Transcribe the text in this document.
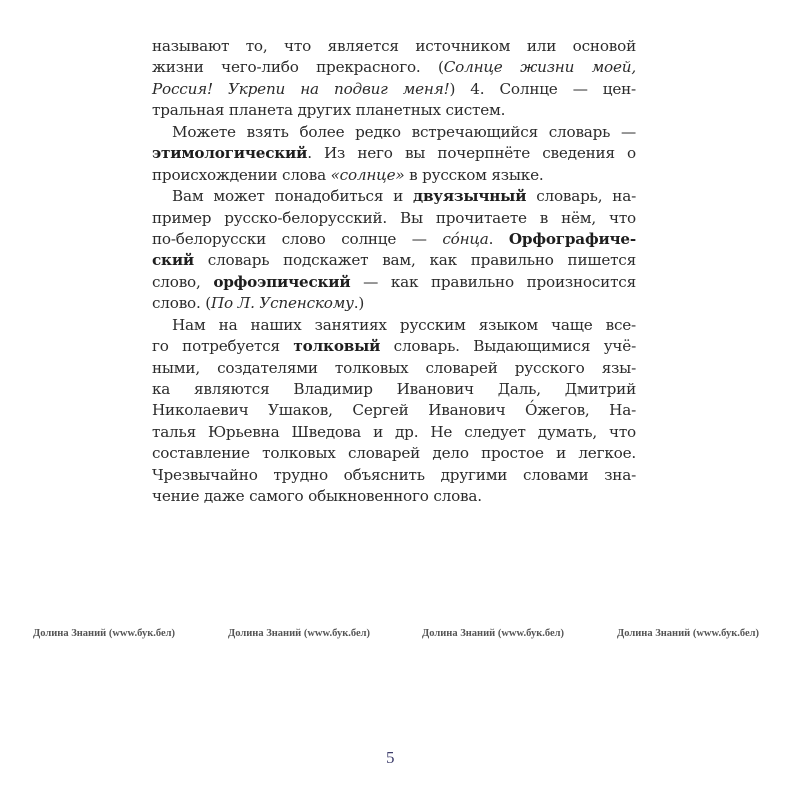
называют то, что является источником или основой
жизни чего-либо прекрасного. (Солнце жизни моей,
Россия! Укрепи на подвиг меня!) 4. Солнце — цен-
тральная планета других планетных систем.
Можете взять более редко встречающийся словарь —
этимологический. Из него вы почерпнёте сведения о
происхождении слова «солнце» в русском языке.
Вам может понадобиться и двуязычный словарь, на-
пример русско-белорусский. Вы прочитаете в нём, что
по-белорусски слово солнце — со́нца. Орфографиче-
ский словарь подскажет вам, как правильно пишется
слово, орфоэпический — как правильно произносится
слово. (По Л. Успенскому.)
Нам на наших занятиях русским языком чаще все-
го потребуется толковый словарь. Выдающимися учё-
ными, создателями толковых словарей русского язы-
ка являются Владимир Иванович Даль, Дмитрий
Николаевич Ушаков, Сергей Иванович О́жегов, На-
талья Юрьевна Шведова и др. Не следует думать, что
составление толковых словарей дело простое и легкое.
Чрезвычайно трудно объяснить другими словами зна-
чение даже самого обыкновенного слова.
Долина Знаний (www.бук.бел)	Долина Знаний (www.бук.бел)	Долина Знаний (www.бук.бел)	Долина Знаний (www.бук.бел)
5
